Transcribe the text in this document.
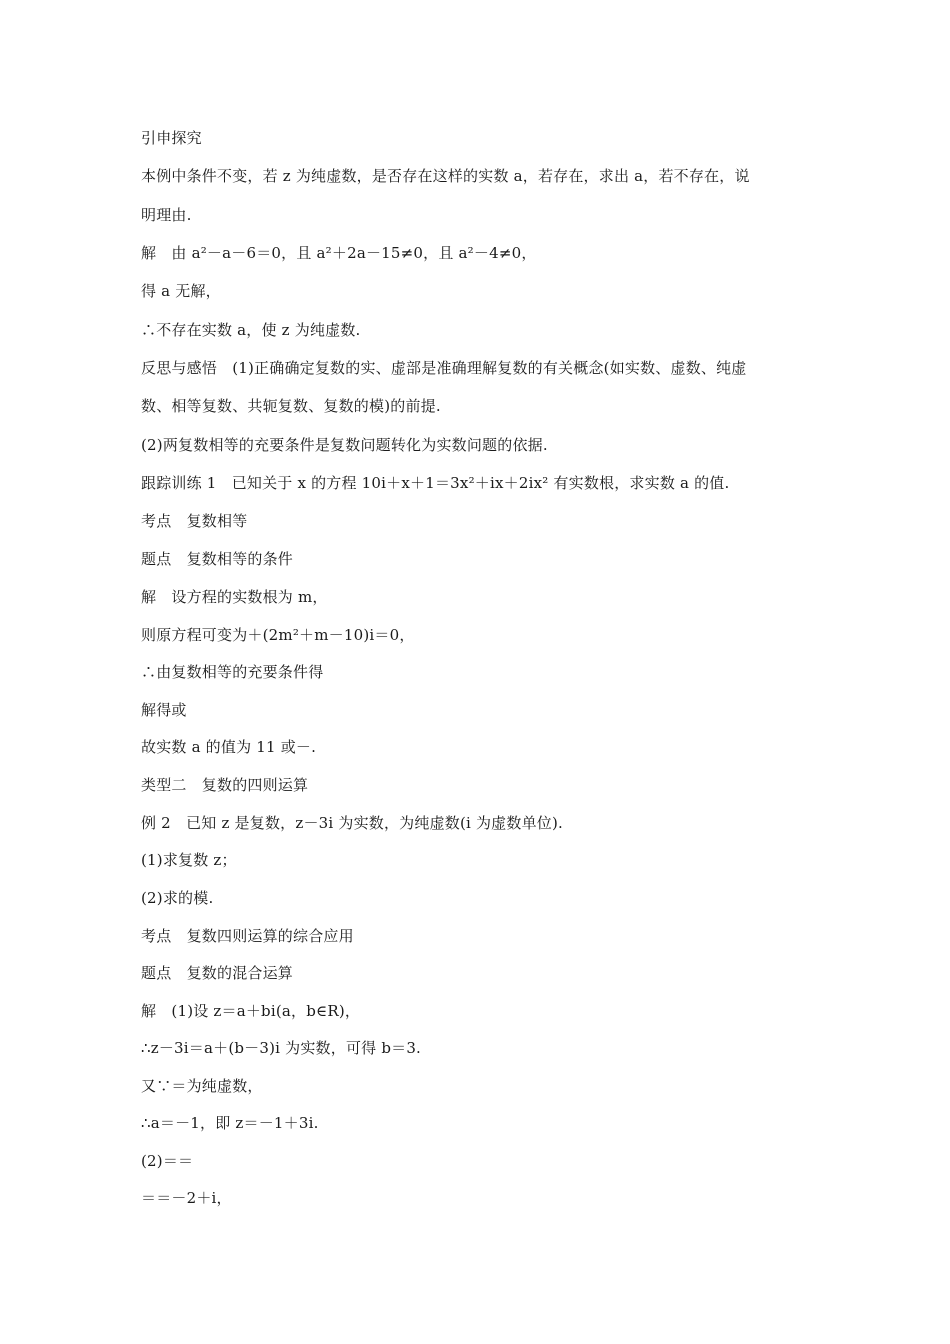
引申探究
本例中条件不变，若 z 为纯虚数，是否存在这样的实数 a，若存在，求出 a，若不存在，说
明理由.
解　由 a²－a－6＝0，且 a²＋2a－15≠0，且 a²－4≠0，
得 a 无解，
∴不存在实数 a，使 z 为纯虚数.
反思与感悟　(1)正确确定复数的实、虚部是准确理解复数的有关概念(如实数、虚数、纯虚
数、相等复数、共轭复数、复数的模)的前提.
(2)两复数相等的充要条件是复数问题转化为实数问题的依据.
跟踪训练 1　已知关于 x 的方程 10i＋x＋1＝3x²＋ix＋2ix² 有实数根，求实数 a 的值.
考点　复数相等
题点　复数相等的条件
解　设方程的实数根为 m，
则原方程可变为＋(2m²＋m－10)i＝0，
∴由复数相等的充要条件得
解得或
故实数 a 的值为 11 或－.
类型二　复数的四则运算
例 2　已知 z 是复数，z－3i 为实数，为纯虚数(i 为虚数单位).
(1)求复数 z；
(2)求的模.
考点　复数四则运算的综合应用
题点　复数的混合运算
解　(1)设 z＝a＋bi(a，b∈R)，
∴z－3i＝a＋(b－3)i 为实数，可得 b＝3.
又∵＝为纯虚数，
∴a＝－1，即 z＝－1＋3i.
(2)＝＝
＝＝－2＋i，
